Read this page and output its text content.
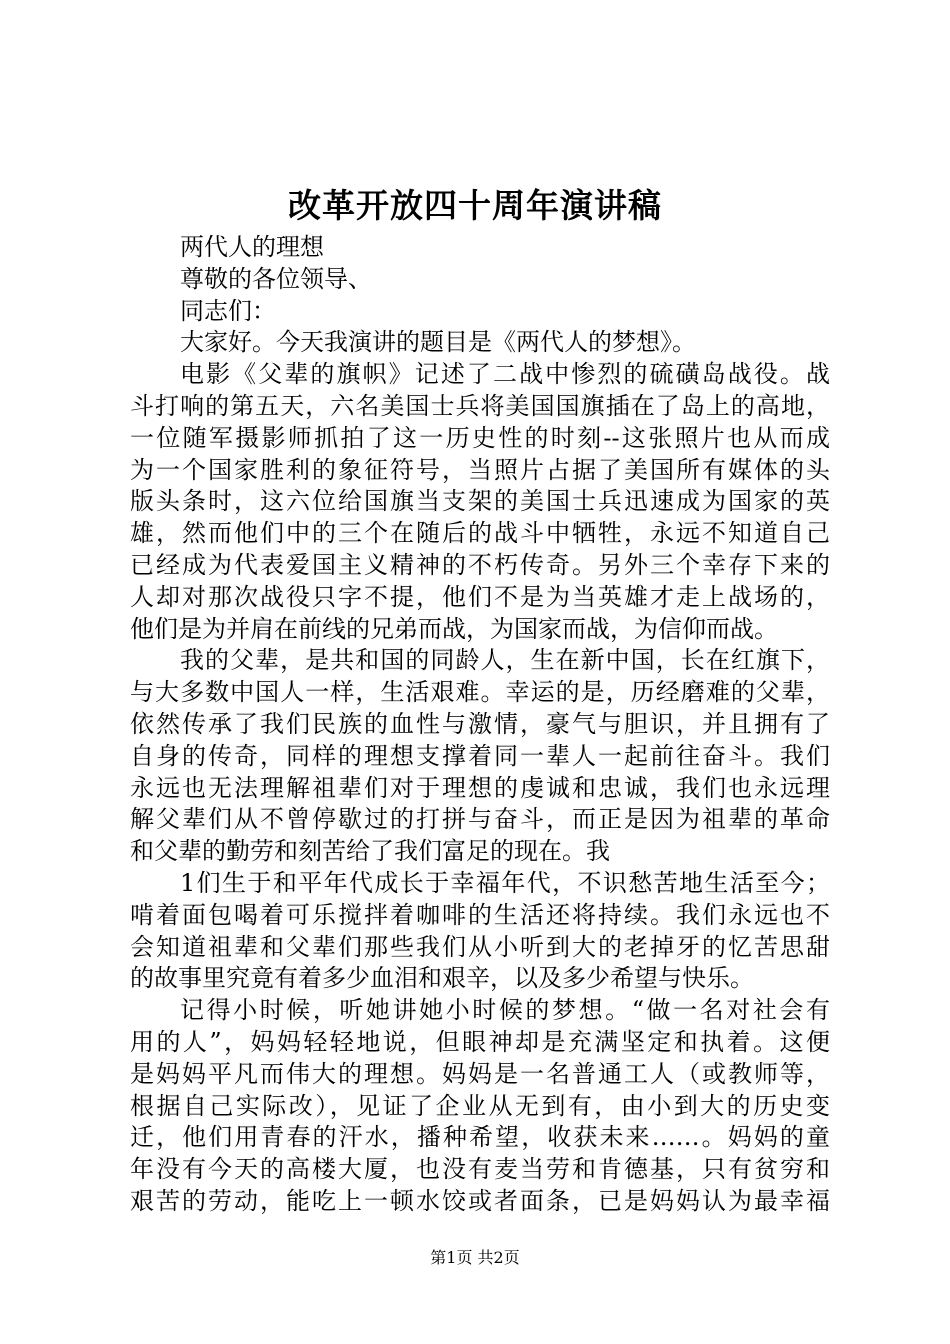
改革开放四十周年演讲稿
两代人的理想
尊敬的各位领导、
同志们：
大家好。今天我演讲的题目是《两代人的梦想》。
电影《父辈的旗帜》记述了二战中惨烈的硫磺岛战役。战
斗打响的第五天，六名美国士兵将美国国旗插在了岛上的高地，
一位随军摄影师抓拍了这一历史性的时刻--这张照片也从而成
为一个国家胜利的象征符号，当照片占据了美国所有媒体的头
版头条时，这六位给国旗当支架的美国士兵迅速成为国家的英
雄，然而他们中的三个在随后的战斗中牺牲，永远不知道自己
已经成为代表爱国主义精神的不朽传奇。另外三个幸存下来的
人却对那次战役只字不提，他们不是为当英雄才走上战场的，
他们是为并肩在前线的兄弟而战，为国家而战，为信仰而战。
我的父辈，是共和国的同龄人，生在新中国，长在红旗下，
与大多数中国人一样，生活艰难。幸运的是，历经磨难的父辈，
依然传承了我们民族的血性与激情，豪气与胆识，并且拥有了
自身的传奇，同样的理想支撑着同一辈人一起前往奋斗。我们
永远也无法理解祖辈们对于理想的虔诚和忠诚，我们也永远理
解父辈们从不曾停歇过的打拼与奋斗，而正是因为祖辈的革命
和父辈的勤劳和刻苦给了我们富足的现在。我
1们生于和平年代成长于幸福年代，不识愁苦地生活至今；
啃着面包喝着可乐搅拌着咖啡的生活还将持续。我们永远也不
会知道祖辈和父辈们那些我们从小听到大的老掉牙的忆苦思甜
的故事里究竟有着多少血泪和艰辛，以及多少希望与快乐。
记得小时候，听她讲她小时候的梦想。“做一名对社会有
用的人”，妈妈轻轻地说，但眼神却是充满坚定和执着。这便
是妈妈平凡而伟大的理想。妈妈是一名普通工人（或教师等，
根据自己实际改），见证了企业从无到有，由小到大的历史变
迁，他们用青春的汗水，播种希望，收获未来……。妈妈的童
年没有今天的高楼大厦，也没有麦当劳和肯德基，只有贫穷和
艰苦的劳动，能吃上一顿水饺或者面条，已是妈妈认为最幸福
第1页 共2页
